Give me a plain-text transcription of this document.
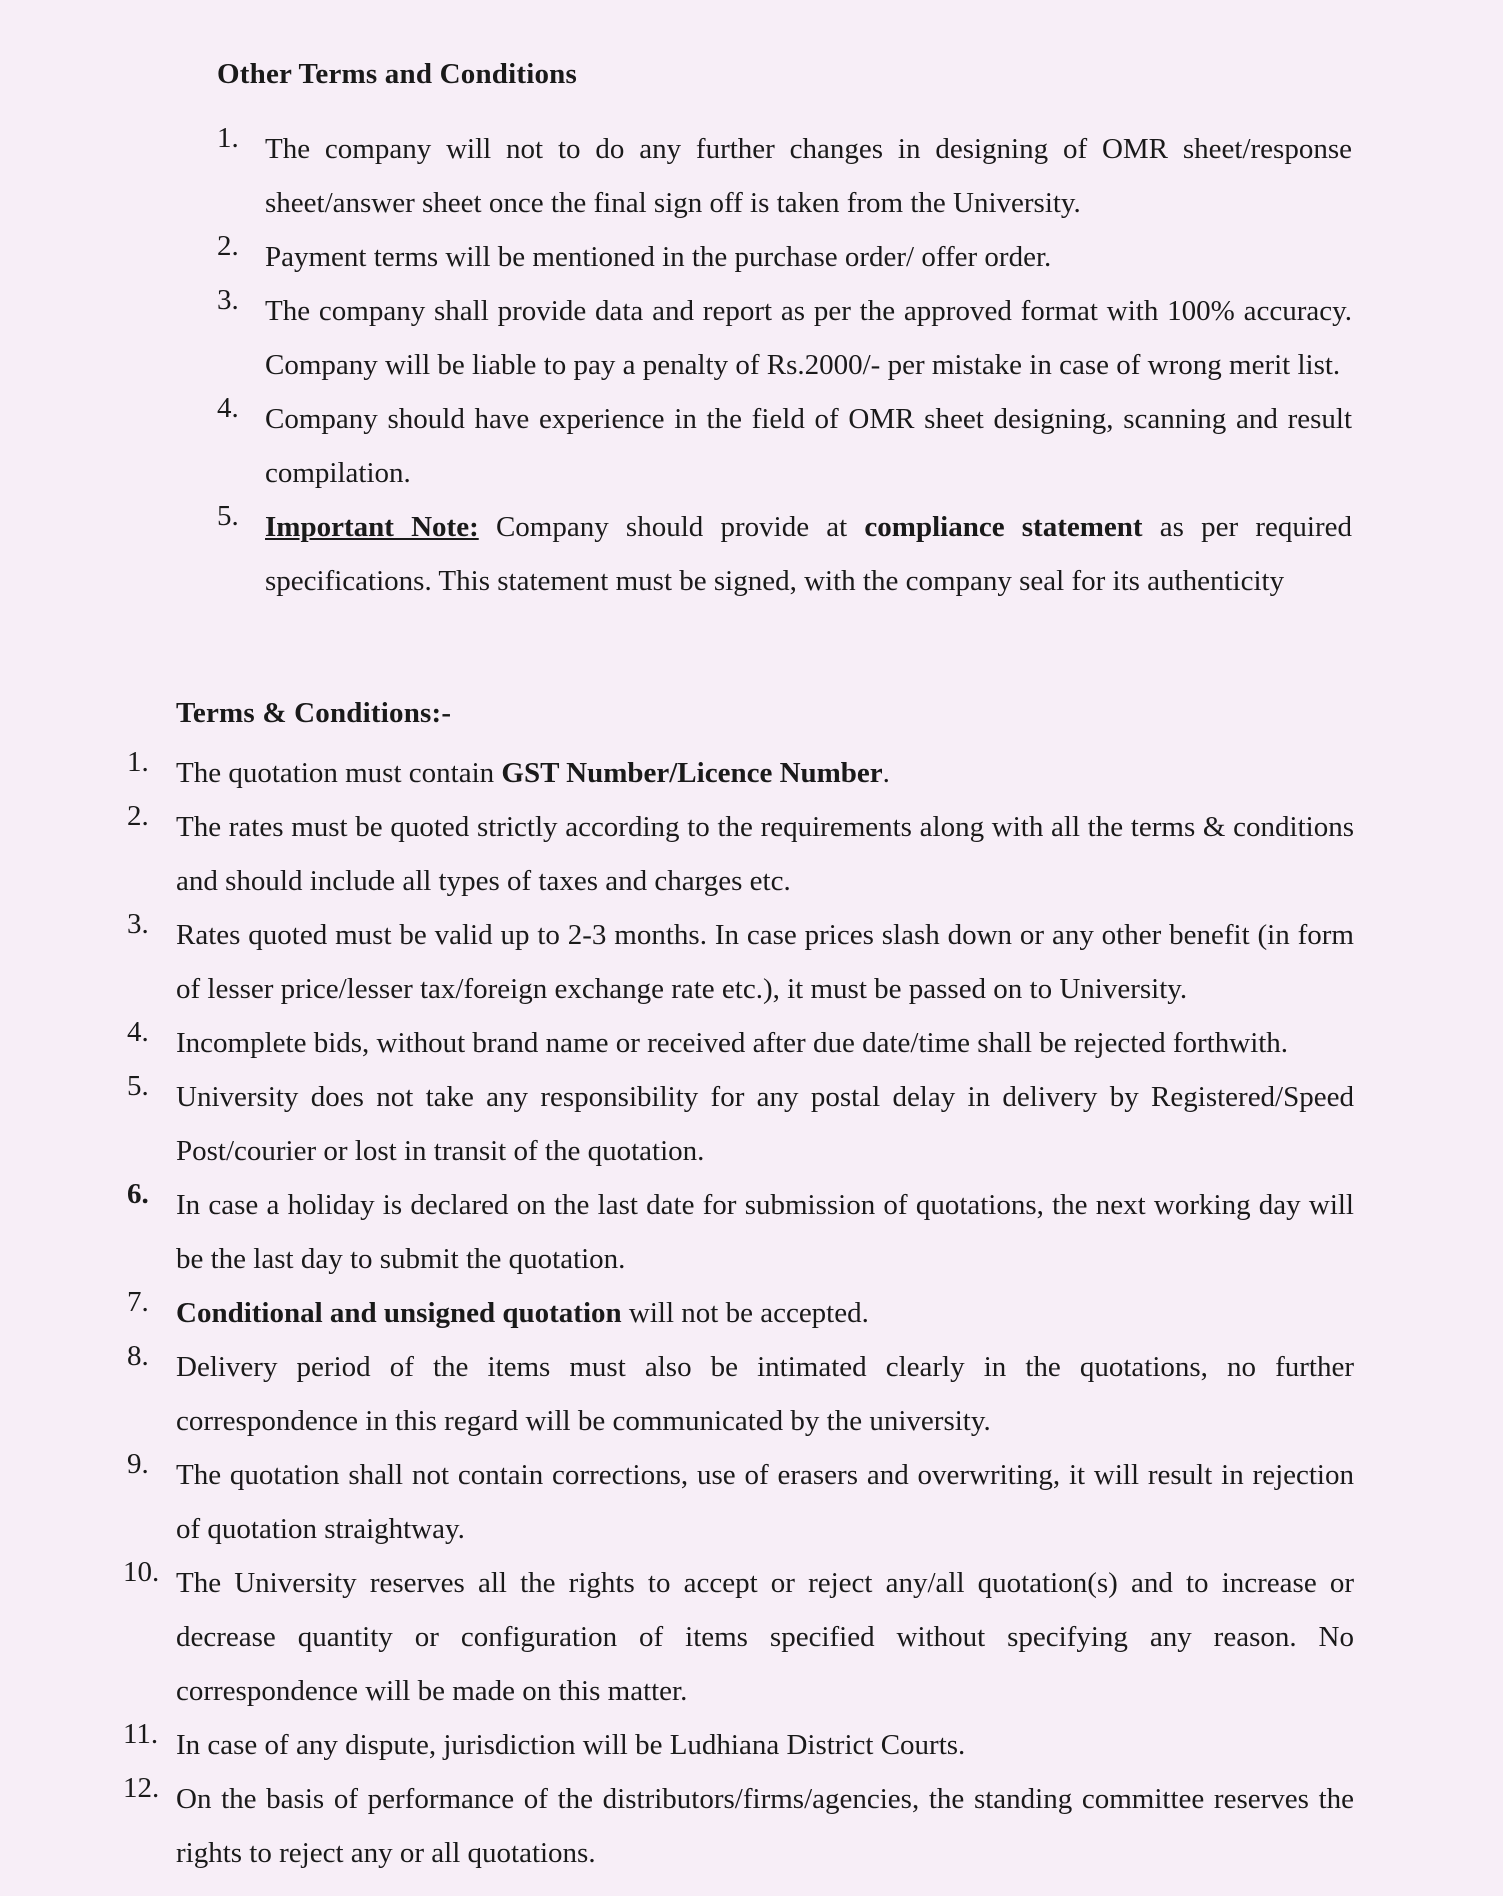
Other Terms and Conditions
1. The company will not to do any further changes in designing of OMR sheet/response sheet/answer sheet once the final sign off is taken from the University.
2. Payment terms will be mentioned in the purchase order/ offer order.
3. The company shall provide data and report as per the approved format with 100% accuracy. Company will be liable to pay a penalty of Rs.2000/- per mistake in case of wrong merit list.
4. Company should have experience in the field of OMR sheet designing, scanning and result compilation.
5. Important Note: Company should provide at compliance statement as per required specifications. This statement must be signed, with the company seal for its authenticity
Terms & Conditions:-
1. The quotation must contain GST Number/Licence Number.
2. The rates must be quoted strictly according to the requirements along with all the terms & conditions and should include all types of taxes and charges etc.
3. Rates quoted must be valid up to 2-3 months. In case prices slash down or any other benefit (in form of lesser price/lesser tax/foreign exchange rate etc.), it must be passed on to University.
4. Incomplete bids, without brand name or received after due date/time shall be rejected forthwith.
5. University does not take any responsibility for any postal delay in delivery by Registered/Speed Post/courier or lost in transit of the quotation.
6. In case a holiday is declared on the last date for submission of quotations, the next working day will be the last day to submit the quotation.
7. Conditional and unsigned quotation will not be accepted.
8. Delivery period of the items must also be intimated clearly in the quotations, no further correspondence in this regard will be communicated by the university.
9. The quotation shall not contain corrections, use of erasers and overwriting, it will result in rejection of quotation straightway.
10. The University reserves all the rights to accept or reject any/all quotation(s) and to increase or decrease quantity or configuration of items specified without specifying any reason. No correspondence will be made on this matter.
11. In case of any dispute, jurisdiction will be Ludhiana District Courts.
12. On the basis of performance of the distributors/firms/agencies, the standing committee reserves the rights to reject any or all quotations.
